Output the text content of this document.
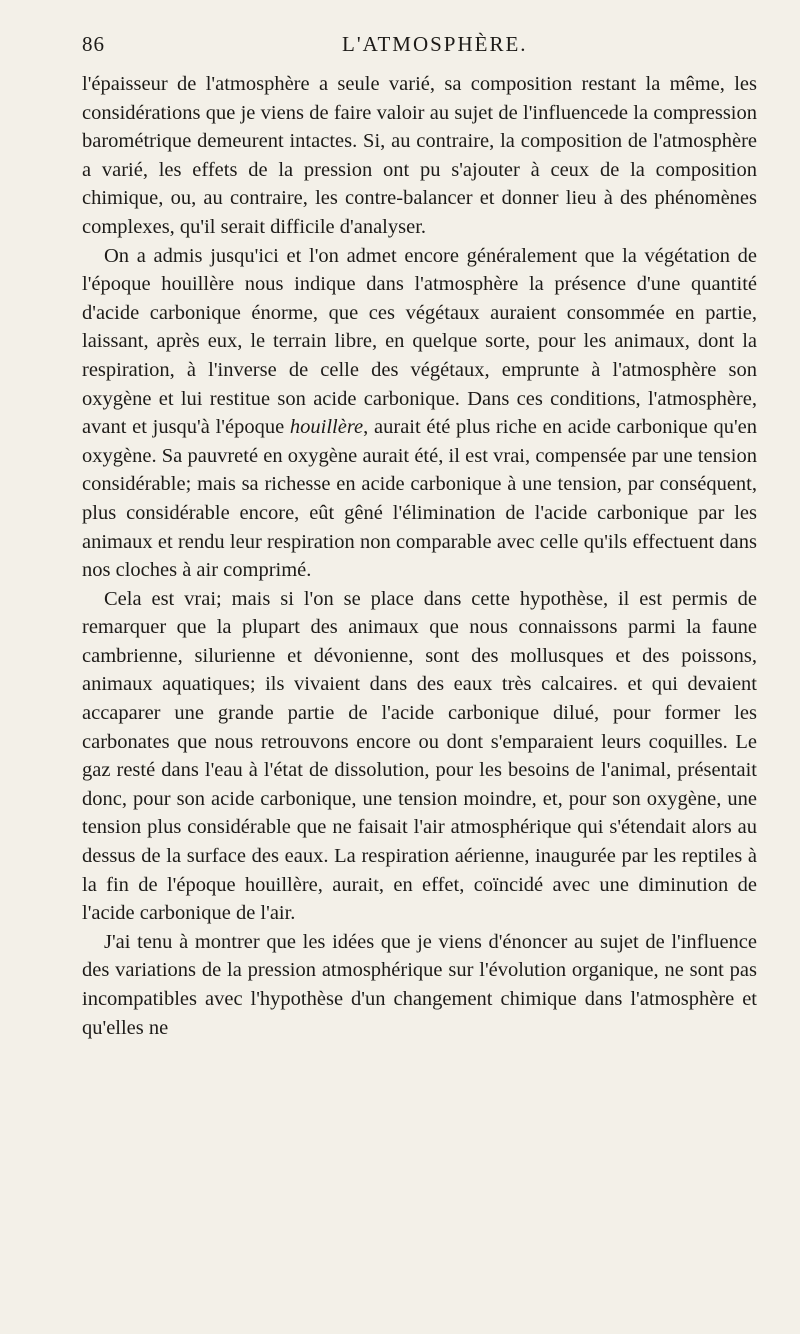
86	L'ATMOSPHÈRE.

l'épaisseur de l'atmosphère a seule varié, sa composition restant la même, les considérations que je viens de faire valoir au sujet de l'influencede la compression barométrique demeurent intactes. Si, au contraire, la composition de l'atmosphère a varié, les effets de la pression ont pu s'ajouter à ceux de la composition chimique, ou, au contraire, les contre-balancer et donner lieu à des phénomènes complexes, qu'il serait difficile d'analyser.

On a admis jusqu'ici et l'on admet encore généralement que la végétation de l'époque houillère nous indique dans l'atmosphère la présence d'une quantité d'acide carbonique énorme, que ces végétaux auraient consommée en partie, laissant, après eux, le terrain libre, en quelque sorte, pour les animaux, dont la respiration, à l'inverse de celle des végétaux, emprunte à l'atmosphère son oxygène et lui restitue son acide carbonique. Dans ces conditions, l'atmosphère, avant et jusqu'à l'époque houillère, aurait été plus riche en acide carbonique qu'en oxygène. Sa pauvreté en oxygène aurait été, il est vrai, compensée par une tension considérable; mais sa richesse en acide carbonique à une tension, par conséquent, plus considérable encore, eût gêné l'élimination de l'acide carbonique par les animaux et rendu leur respiration non comparable avec celle qu'ils effectuent dans nos cloches à air comprimé.

Cela est vrai; mais si l'on se place dans cette hypothèse, il est permis de remarquer que la plupart des animaux que nous connaissons parmi la faune cambrienne, silurienne et dévonienne, sont des mollusques et des poissons, animaux aquatiques; ils vivaient dans des eaux très calcaires. et qui devaient accaparer une grande partie de l'acide carbonique dilué, pour former les carbonates que nous retrouvons encore ou dont s'emparaient leurs coquilles. Le gaz resté dans l'eau à l'état de dissolution, pour les besoins de l'animal, présentait donc, pour son acide carbonique, une tension moindre, et, pour son oxygène, une tension plus considérable que ne faisait l'air atmosphérique qui s'étendait alors au dessus de la surface des eaux. La respiration aérienne, inaugurée par les reptiles à la fin de l'époque houillère, aurait, en effet, coïncidé avec une diminution de l'acide carbonique de l'air.

J'ai tenu à montrer que les idées que je viens d'énoncer au sujet de l'influence des variations de la pression atmosphérique sur l'évolution organique, ne sont pas incompatibles avec l'hypothèse d'un changement chimique dans l'atmosphère et qu'elles ne
